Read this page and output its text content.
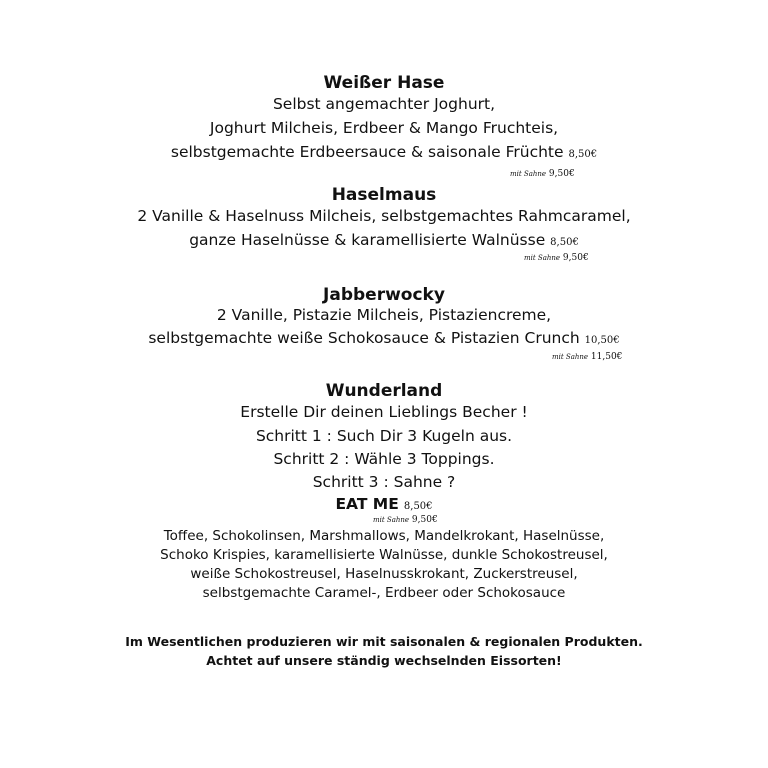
Weißer Hase
Selbst angemachter Joghurt,
Joghurt Milcheis, Erdbeer & Mango Fruchteis,
selbstgemachte Erdbeersauce & saisonale Früchte 8,50€
mit Sahne 9,50€
Haselmaus
2 Vanille & Haselnuss Milcheis, selbstgemachtes Rahmcaramel,
ganze Haselnüsse & karamellisierte Walnüsse 8,50€
mit Sahne 9,50€
Jabberwocky
2 Vanille, Pistazie Milcheis, Pistaziencreme,
selbstgemachte weiße Schokosauce & Pistazien Crunch 10,50€
mit Sahne 11,50€
Wunderland
Erstelle Dir deinen Lieblings Becher !
Schritt 1 : Such Dir 3 Kugeln aus.
Schritt 2 : Wähle 3 Toppings.
Schritt 3 : Sahne ?
EAT ME 8,50€
mit Sahne 9,50€
Toffee, Schokolinsen, Marshmallows, Mandelkrokant, Haselnüsse,
Schoko Krispies, karamellisierte Walnüsse, dunkle Schokostreusel,
weiße Schokostreusel, Haselnusskrokant, Zuckerstreusel,
selbstgemachte Caramel-, Erdbeer oder Schokosauce
Im Wesentlichen produzieren wir mit saisonalen & regionalen Produkten.
Achtet auf unsere ständig wechselnden Eissorten!
